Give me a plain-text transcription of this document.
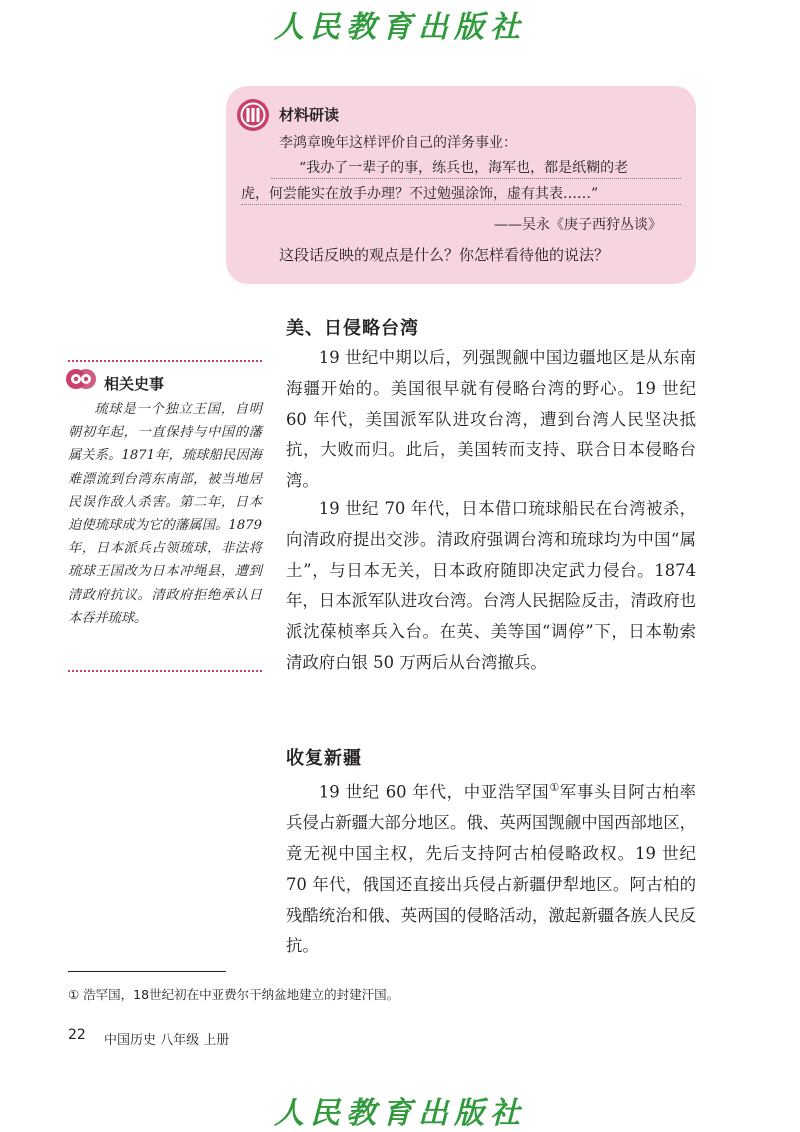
人民教育出版社
材料研读
李鸿章晚年这样评价自己的洋务事业：
“我办了一辈子的事，练兵也，海军也，都是纸糊的老
虎，何尝能实在放手办理？不过勉强涂饰，虚有其表……”
——吴永《庚子西狩丛谈》
这段话反映的观点是什么？你怎样看待他的说法？
美、日侵略台湾

19 世纪中期以后，列强觊觎中国边疆地区是从东南海疆开始的。美国很早就有侵略台湾的野心。19 世纪 60 年代，美国派军队进攻台湾，遭到台湾人民坚决抵抗，大败而归。此后，美国转而支持、联合日本侵略台湾。

19 世纪 70 年代，日本借口琉球船民在台湾被杀，向清政府提出交涉。清政府强调台湾和琉球均为中国“属土”，与日本无关，日本政府随即决定武力侵台。1874 年，日本派军队进攻台湾。台湾人民据险反击，清政府也派沈葆桢率兵入台。在英、美等国“调停”下，日本勒索清政府白银 50 万两后从台湾撤兵。

相关史事

琉球是一个独立王国，自明朝初年起，一直保持与中国的藩属关系。1871年，琉球船民因海难漂流到台湾东南部，被当地居民误作敌人杀害。第二年，日本迫使琉球成为它的藩属国。1879年，日本派兵占领琉球，非法将琉球王国改为日本冲绳县，遭到清政府抗议。清政府拒绝承认日本吞并琉球。

收复新疆

19 世纪 60 年代，中亚浩罕国①军事头目阿古柏率兵侵占新疆大部分地区。俄、英两国觊觎中国西部地区，竟无视中国主权，先后支持阿古柏侵略政权。19 世纪 70 年代，俄国还直接出兵侵占新疆伊犁地区。阿古柏的残酷统治和俄、英两国的侵略活动，激起新疆各族人民反抗。

① 浩罕国，18世纪初在中亚费尔干纳盆地建立的封建汗国。
22 中国历史 八年级 上册
人民教育出版社
